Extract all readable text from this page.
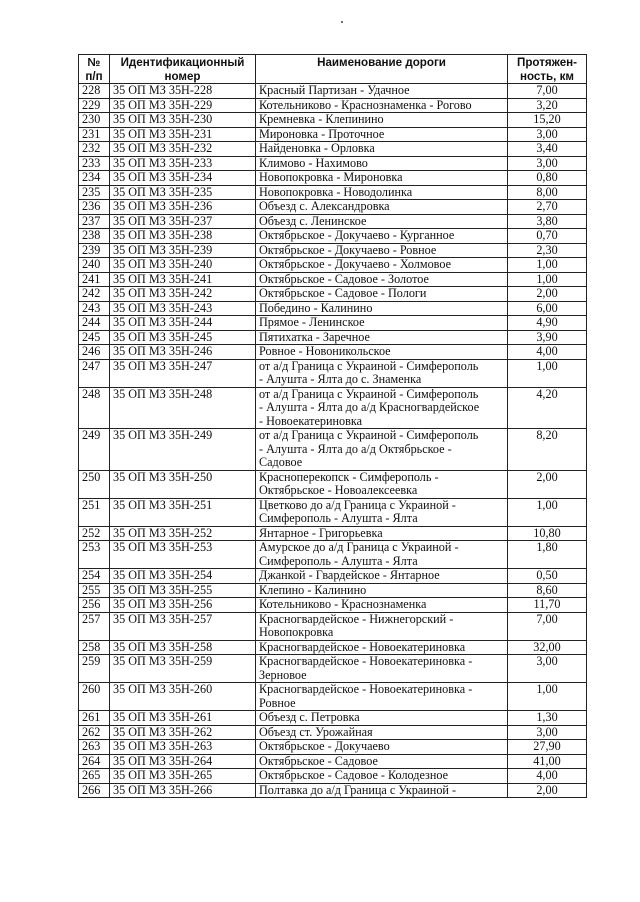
№
п/п	Идентификационный
номер	Наименование дороги	Протяжен-
ность, км

228	35 ОП МЗ 35Н-228	Красный Партизан - Удачное	7,00
229	35 ОП МЗ 35Н-229	Котельниково - Краснознаменка - Рогово	3,20
230	35 ОП МЗ 35Н-230	Кремневка - Клепинино	15,20
231	35 ОП МЗ 35Н-231	Мироновка - Проточное	3,00
232	35 ОП МЗ 35Н-232	Найденовка - Орловка	3,40
233	35 ОП МЗ 35Н-233	Климово - Нахимово	3,00
234	35 ОП МЗ 35Н-234	Новопокровка - Мироновка	0,80
235	35 ОП МЗ 35Н-235	Новопокровка - Новодолинка	8,00
236	35 ОП МЗ 35Н-236	Объезд с. Александровка	2,70
237	35 ОП МЗ 35Н-237	Объезд с. Ленинское	3,80
238	35 ОП МЗ 35Н-238	Октябрьское - Докучаево - Курганное	0,70
239	35 ОП МЗ 35Н-239	Октябрьское - Докучаево - Ровное	2,30
240	35 ОП МЗ 35Н-240	Октябрьское - Докучаево - Холмовое	1,00
241	35 ОП МЗ 35Н-241	Октябрьское - Садовое - Золотое	1,00
242	35 ОП МЗ 35Н-242	Октябрьское - Садовое - Пологи	2,00
243	35 ОП МЗ 35Н-243	Победино - Калинино	6,00
244	35 ОП МЗ 35Н-244	Прямое - Ленинское	4,90
245	35 ОП МЗ 35Н-245	Пятихатка - Заречное	3,90
246	35 ОП МЗ 35Н-246	Ровное - Новоникольское	4,00
247	35 ОП МЗ 35Н-247	от а/д Граница с Украиной - Симферополь
- Алушта - Ялта до с. Знаменка	1,00
248	35 ОП МЗ 35Н-248	от а/д Граница с Украиной - Симферополь
- Алушта - Ялта до а/д Красногвардейское
- Новоекатериновка	4,20
249	35 ОП МЗ 35Н-249	от а/д Граница с Украиной - Симферополь
- Алушта - Ялта до а/д Октябрьское -
Садовое	8,20
250	35 ОП МЗ 35Н-250	Красноперекопск - Симферополь -
Октябрьское - Новоалексеевка	2,00
251	35 ОП МЗ 35Н-251	Цветково до а/д Граница с Украиной -
Симферополь - Алушта - Ялта	1,00
252	35 ОП МЗ 35Н-252	Янтарное - Григорьевка	10,80
253	35 ОП МЗ 35Н-253	Амурское до а/д Граница с Украиной -
Симферополь - Алушта - Ялта	1,80
254	35 ОП МЗ 35Н-254	Джанкой - Гвардейское - Янтарное	0,50
255	35 ОП МЗ 35Н-255	Клепино - Калинино	8,60
256	35 ОП МЗ 35Н-256	Котельниково - Краснознаменка	11,70
257	35 ОП МЗ 35Н-257	Красногвардейское - Нижнегорский -
Новопокровка	7,00
258	35 ОП МЗ 35Н-258	Красногвардейское - Новоекатериновка	32,00
259	35 ОП МЗ 35Н-259	Красногвардейское - Новоекатериновка -
Зерновое	3,00
260	35 ОП МЗ 35Н-260	Красногвардейское - Новоекатериновка -
Ровное	1,00
261	35 ОП МЗ 35Н-261	Объезд с. Петровка	1,30
262	35 ОП МЗ 35Н-262	Объезд ст. Урожайная	3,00
263	35 ОП МЗ 35Н-263	Октябрьское - Докучаево	27,90
264	35 ОП МЗ 35Н-264	Октябрьское - Садовое	41,00
265	35 ОП МЗ 35Н-265	Октябрьское - Садовое - Колодезное	4,00
266	35 ОП МЗ 35Н-266	Полтавка до а/д Граница с Украиной -	2,00
